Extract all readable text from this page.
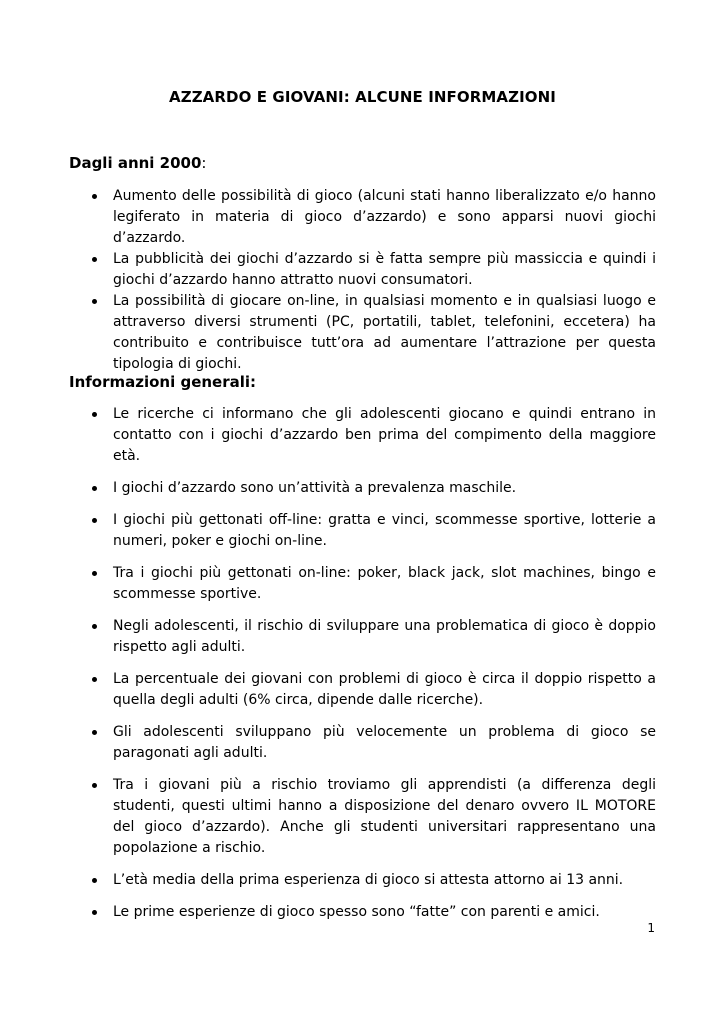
AZZARDO E GIOVANI: ALCUNE INFORMAZIONI
Dagli anni 2000:
Aumento delle possibilità di gioco (alcuni stati hanno liberalizzato e/o hanno legiferato in materia di gioco d’azzardo) e sono apparsi nuovi giochi d’azzardo.
La pubblicità dei giochi d’azzardo si è fatta sempre più massiccia e quindi i giochi d’azzardo hanno attratto nuovi consumatori.
La possibilità di giocare on-line, in qualsiasi momento e in qualsiasi luogo e attraverso diversi strumenti (PC, portatili, tablet, telefonini, eccetera) ha contribuito e contribuisce tutt’ora ad aumentare l’attrazione per questa tipologia di giochi.
Informazioni generali:
Le ricerche ci informano che gli adolescenti giocano e quindi entrano in contatto con i giochi d’azzardo ben prima del compimento della maggiore età.
I giochi d’azzardo sono un’attività a prevalenza maschile.
I giochi più gettonati off-line: gratta e vinci, scommesse sportive, lotterie a numeri, poker e giochi on-line.
Tra i giochi più gettonati on-line: poker, black jack, slot machines, bingo e scommesse sportive.
Negli adolescenti, il rischio di sviluppare una problematica di gioco è doppio rispetto agli adulti.
La percentuale dei giovani con problemi di gioco è circa il doppio rispetto a quella degli adulti (6% circa, dipende dalle ricerche).
Gli adolescenti sviluppano più velocemente un problema di gioco se paragonati agli adulti.
Tra i giovani più a rischio troviamo gli apprendisti (a differenza degli studenti, questi ultimi hanno a disposizione del denaro ovvero IL MOTORE del gioco d’azzardo). Anche gli studenti universitari rappresentano una popolazione a rischio.
L’età media della prima esperienza di gioco si attesta attorno ai 13 anni.
Le prime esperienze di gioco spesso sono “fatte” con parenti e amici.
1
